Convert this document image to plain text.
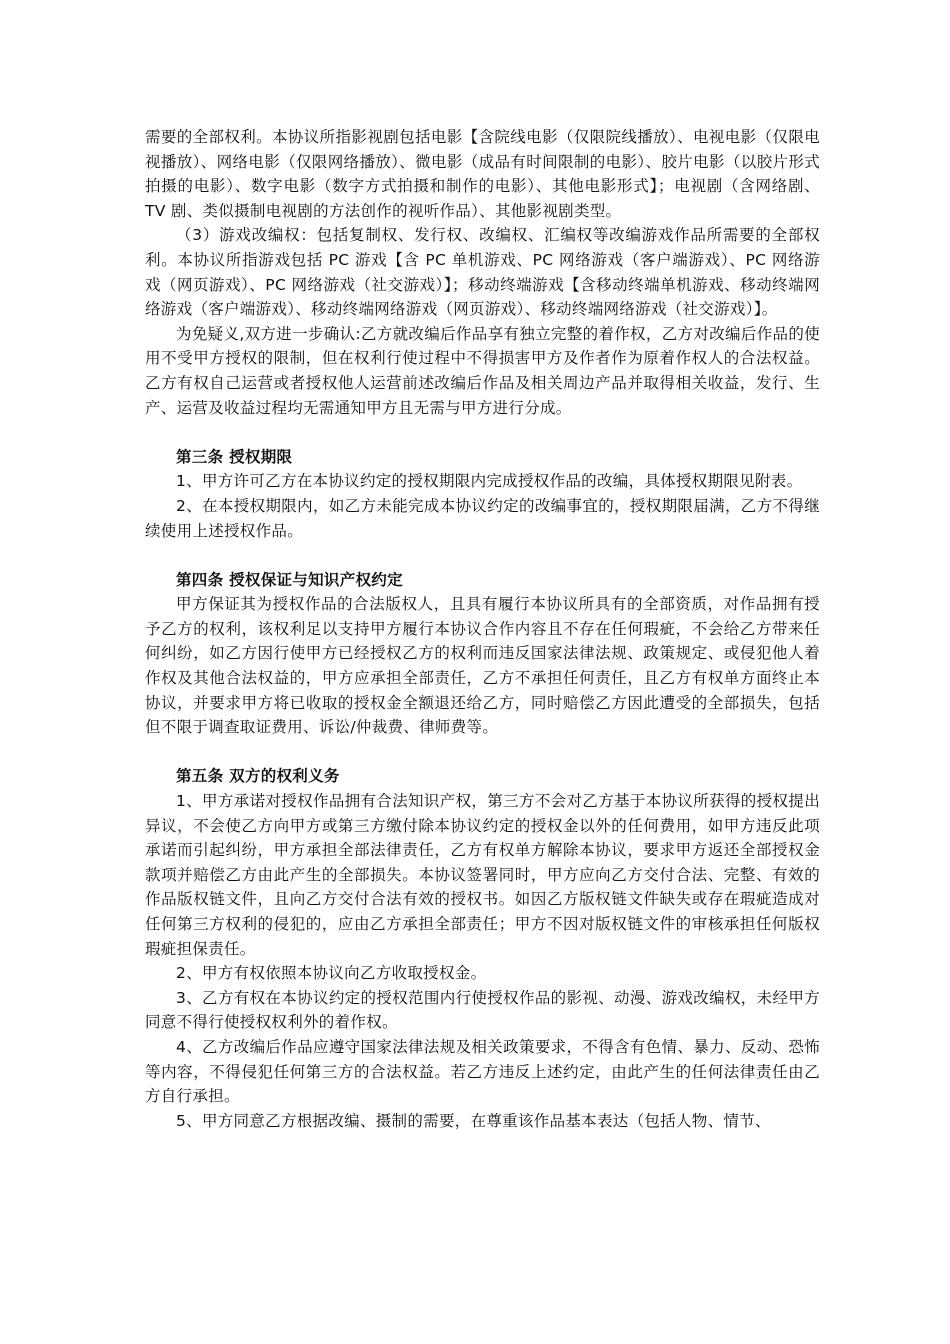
需要的全部权利。本协议所指影视剧包括电影【含院线电影（仅限院线播放）、电视电影（仅限电视播放）、网络电影（仅限网络播放）、微电影（成品有时间限制的电影）、胶片电影（以胶片形式拍摄的电影）、数字电影（数字方式拍摄和制作的电影）、其他电影形式】；电视剧（含网络剧、TV 剧、类似摄制电视剧的方法创作的视听作品）、其他影视剧类型。

（3）游戏改编权：包括复制权、发行权、改编权、汇编权等改编游戏作品所需要的全部权利。本协议所指游戏包括 PC 游戏【含 PC 单机游戏、PC 网络游戏（客户端游戏）、PC 网络游戏（网页游戏）、PC 网络游戏（社交游戏）】；移动终端游戏【含移动终端单机游戏、移动终端网络游戏（客户端游戏）、移动终端网络游戏（网页游戏）、移动终端网络游戏（社交游戏）】。

为免疑义,双方进一步确认:乙方就改编后作品享有独立完整的着作权，乙方对改编后作品的使用不受甲方授权的限制，但在权利行使过程中不得损害甲方及作者作为原着作权人的合法权益。乙方有权自己运营或者授权他人运营前述改编后作品及相关周边产品并取得相关收益，发行、生产、运营及收益过程均无需通知甲方且无需与甲方进行分成。

第三条 授权期限

1、甲方许可乙方在本协议约定的授权期限内完成授权作品的改编，具体授权期限见附表。

2、在本授权期限内，如乙方未能完成本协议约定的改编事宜的，授权期限届满，乙方不得继续使用上述授权作品。

第四条 授权保证与知识产权约定

甲方保证其为授权作品的合法版权人，且具有履行本协议所具有的全部资质，对作品拥有授予乙方的权利，该权利足以支持甲方履行本协议合作内容且不存在任何瑕疵，不会给乙方带来任何纠纷，如乙方因行使甲方已经授权乙方的权利而违反国家法律法规、政策规定、或侵犯他人着作权及其他合法权益的，甲方应承担全部责任，乙方不承担任何责任，且乙方有权单方面终止本协议，并要求甲方将已收取的授权金全额退还给乙方，同时赔偿乙方因此遭受的全部损失，包括但不限于调查取证费用、诉讼/仲裁费、律师费等。

第五条 双方的权利义务

1、甲方承诺对授权作品拥有合法知识产权，第三方不会对乙方基于本协议所获得的授权提出异议，不会使乙方向甲方或第三方缴付除本协议约定的授权金以外的任何费用，如甲方违反此项承诺而引起纠纷，甲方承担全部法律责任，乙方有权单方解除本协议，要求甲方返还全部授权金款项并赔偿乙方由此产生的全部损失。本协议签署同时，甲方应向乙方交付合法、完整、有效的作品版权链文件，且向乙方交付合法有效的授权书。如因乙方版权链文件缺失或存在瑕疵造成对任何第三方权利的侵犯的，应由乙方承担全部责任；甲方不因对版权链文件的审核承担任何版权瑕疵担保责任。

2、甲方有权依照本协议向乙方收取授权金。

3、乙方有权在本协议约定的授权范围内行使授权作品的影视、动漫、游戏改编权，未经甲方同意不得行使授权权利外的着作权。

4、乙方改编后作品应遵守国家法律法规及相关政策要求，不得含有色情、暴力、反动、恐怖等内容，不得侵犯任何第三方的合法权益。若乙方违反上述约定，由此产生的任何法律责任由乙方自行承担。

5、甲方同意乙方根据改编、摄制的需要，在尊重该作品基本表达（包括人物、情节、
